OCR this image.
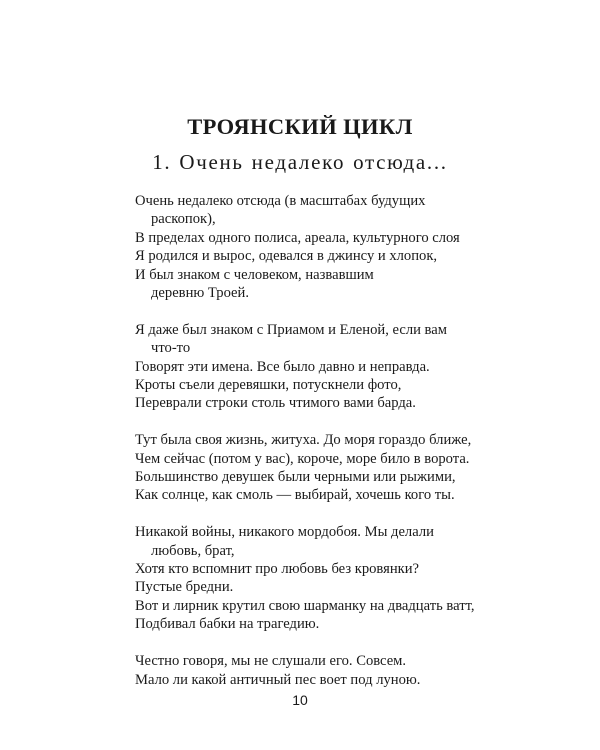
ТРОЯНСКИЙ ЦИКЛ
1. Очень недалеко отсюда...
Очень недалеко отсюда (в масштабах будущих
раскопок),
В пределах одного полиса, ареала, культурного слоя
Я родился и вырос, одевался в джинсу и хлопок,
И был знаком с человеком, назвавшим
деревню Троей.
Я даже был знаком с Приамом и Еленой, если вам
что-то
Говорят эти имена. Все было давно и неправда.
Кроты съели деревяшки, потускнели фото,
Переврали строки столь чтимого вами барда.
Тут была своя жизнь, житуха. До моря гораздо ближе,
Чем сейчас (потом у вас), короче, море било в ворота.
Большинство девушек были черными или рыжими,
Как солнце, как смоль — выбирай, хочешь кого ты.
Никакой войны, никакого мордобоя. Мы делали
любовь, брат,
Хотя кто вспомнит про любовь без кровянки?
Пустые бредни.
Вот и лирник крутил свою шарманку на двадцать ватт,
Подбивал бабки на трагедию.
Честно говоря, мы не слушали его. Совсем.
Мало ли какой античный пес воет под луною.
10
